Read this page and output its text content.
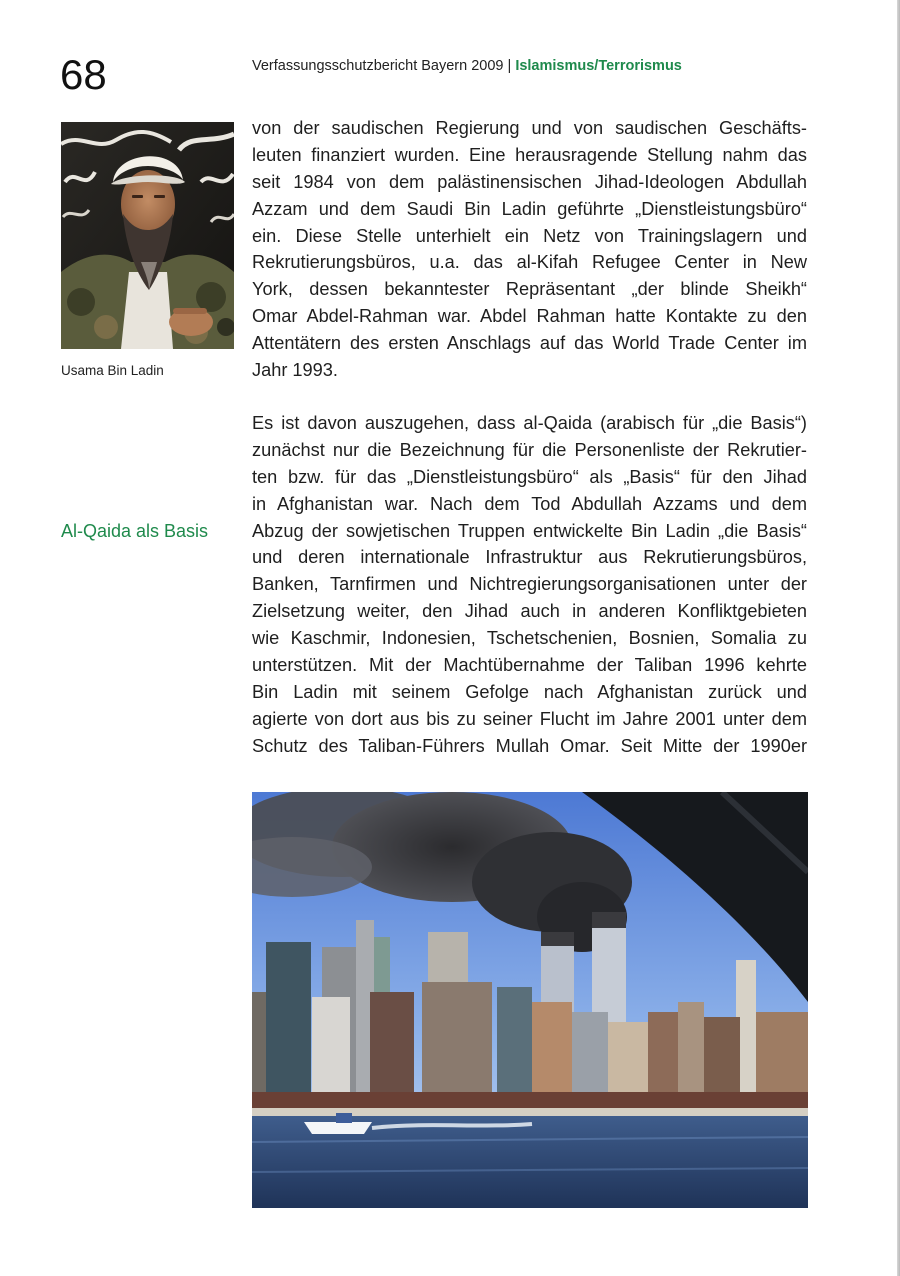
68	Verfassungsschutzbericht Bayern 2009 | Islamismus/Terrorismus
Usama Bin Ladin
Al-Qaida als Basis
von der saudischen Regierung und von saudischen Geschäfts-
leuten finanziert wurden. Eine herausragende Stellung nahm das
seit 1984 von dem palästinensischen Jihad-Ideologen Abdullah
Azzam und dem Saudi Bin Ladin geführte „Dienstleistungsbüro“
ein. Diese Stelle unterhielt ein Netz von Trainingslagern und
Rekrutierungsbüros, u.a. das al-Kifah Refugee Center in New
York, dessen bekanntester Repräsentant „der blinde Sheikh“
Omar Abdel-Rahman war. Abdel Rahman hatte Kontakte zu den
Attentätern des ersten Anschlags auf das World Trade Center im
Jahr 1993.
Es ist davon auszugehen, dass al-Qaida (arabisch für „die Basis“)
zunächst nur die Bezeichnung für die Personenliste der Rekrutier-
ten bzw. für das „Dienstleistungsbüro“ als „Basis“ für den Jihad
in Afghanistan war. Nach dem Tod Abdullah Azzams und dem
Abzug der sowjetischen Truppen entwickelte Bin Ladin „die Basis“
und deren internationale Infrastruktur aus Rekrutierungsbüros,
Banken, Tarnfirmen und Nichtregierungsorganisationen unter der
Zielsetzung weiter, den Jihad auch in anderen Konfliktgebieten
wie Kaschmir, Indonesien, Tschetschenien, Bosnien, Somalia zu
unterstützen. Mit der Machtübernahme der Taliban 1996 kehrte
Bin Ladin mit seinem Gefolge nach Afghanistan zurück und
agierte von dort aus bis zu seiner Flucht im Jahre 2001 unter dem
Schutz des Taliban-Führers Mullah Omar. Seit Mitte der 1990er
